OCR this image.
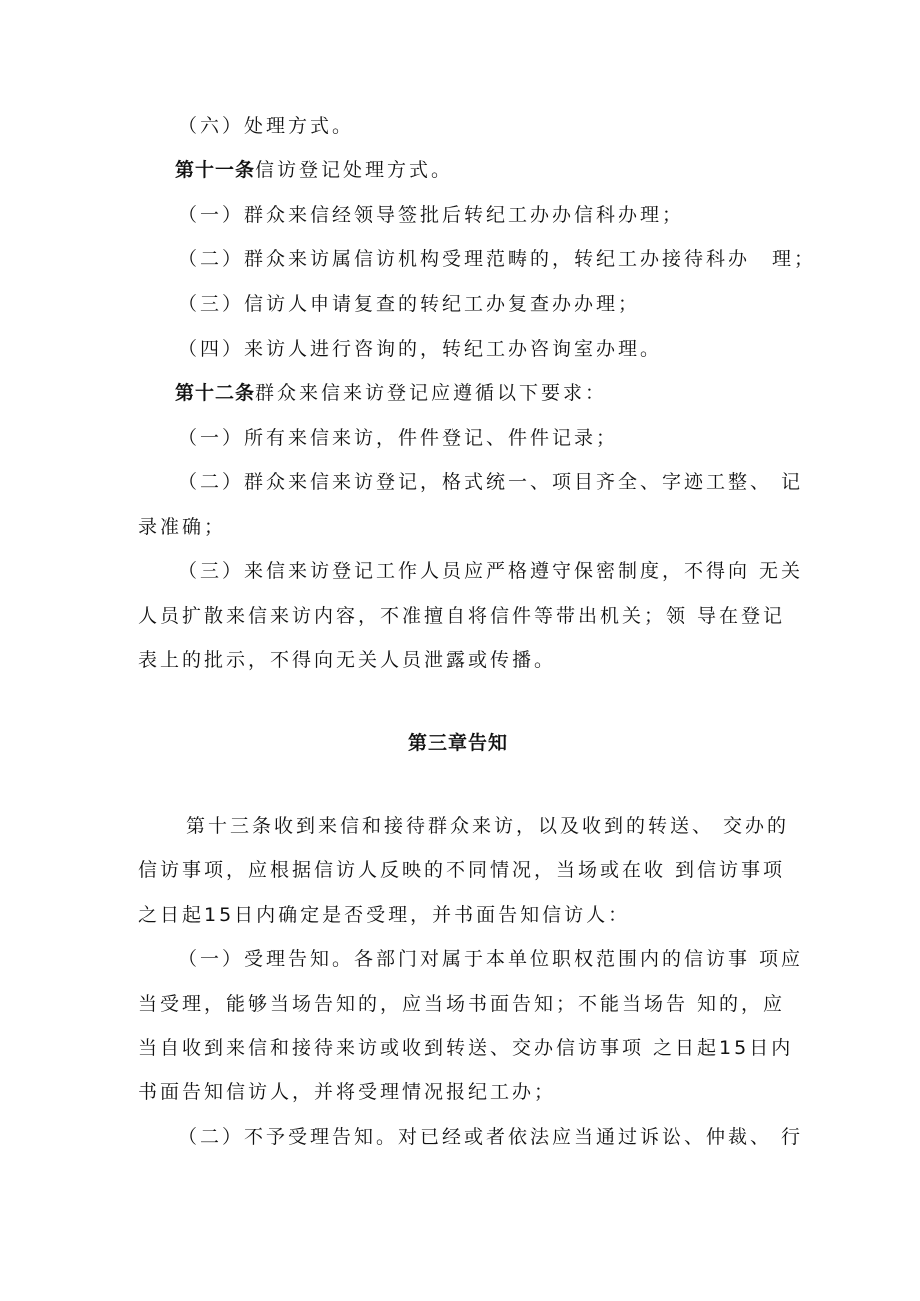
（六）处理方式。
第十一条信访登记处理方式。
（一）群众来信经领导签批后转纪工办办信科办理；
（二）群众来访属信访机构受理范畴的，转纪工办接待科办　理；
（三）信访人申请复查的转纪工办复查办办理；
（四）来访人进行咨询的，转纪工办咨询室办理。
第十二条群众来信来访登记应遵循以下要求：
（一）所有来信来访，件件登记、件件记录；
（二）群众来信来访登记，格式统一、项目齐全、字迹工整、 记
录准确；
（三）来信来访登记工作人员应严格遵守保密制度，不得向 无关
人员扩散来信来访内容，不准擅自将信件等带出机关；领 导在登记
表上的批示，不得向无关人员泄露或传播。
第三章告知
第十三条收到来信和接待群众来访，以及收到的转送、 交办的
信访事项，应根据信访人反映的不同情况，当场或在收 到信访事项
之日起15日内确定是否受理，并书面告知信访人：
（一）受理告知。各部门对属于本单位职权范围内的信访事 项应
当受理，能够当场告知的，应当场书面告知；不能当场告 知的，应
当自收到来信和接待来访或收到转送、交办信访事项 之日起15日内
书面告知信访人，并将受理情况报纪工办；
（二）不予受理告知。对已经或者依法应当通过诉讼、仲裁、 行
